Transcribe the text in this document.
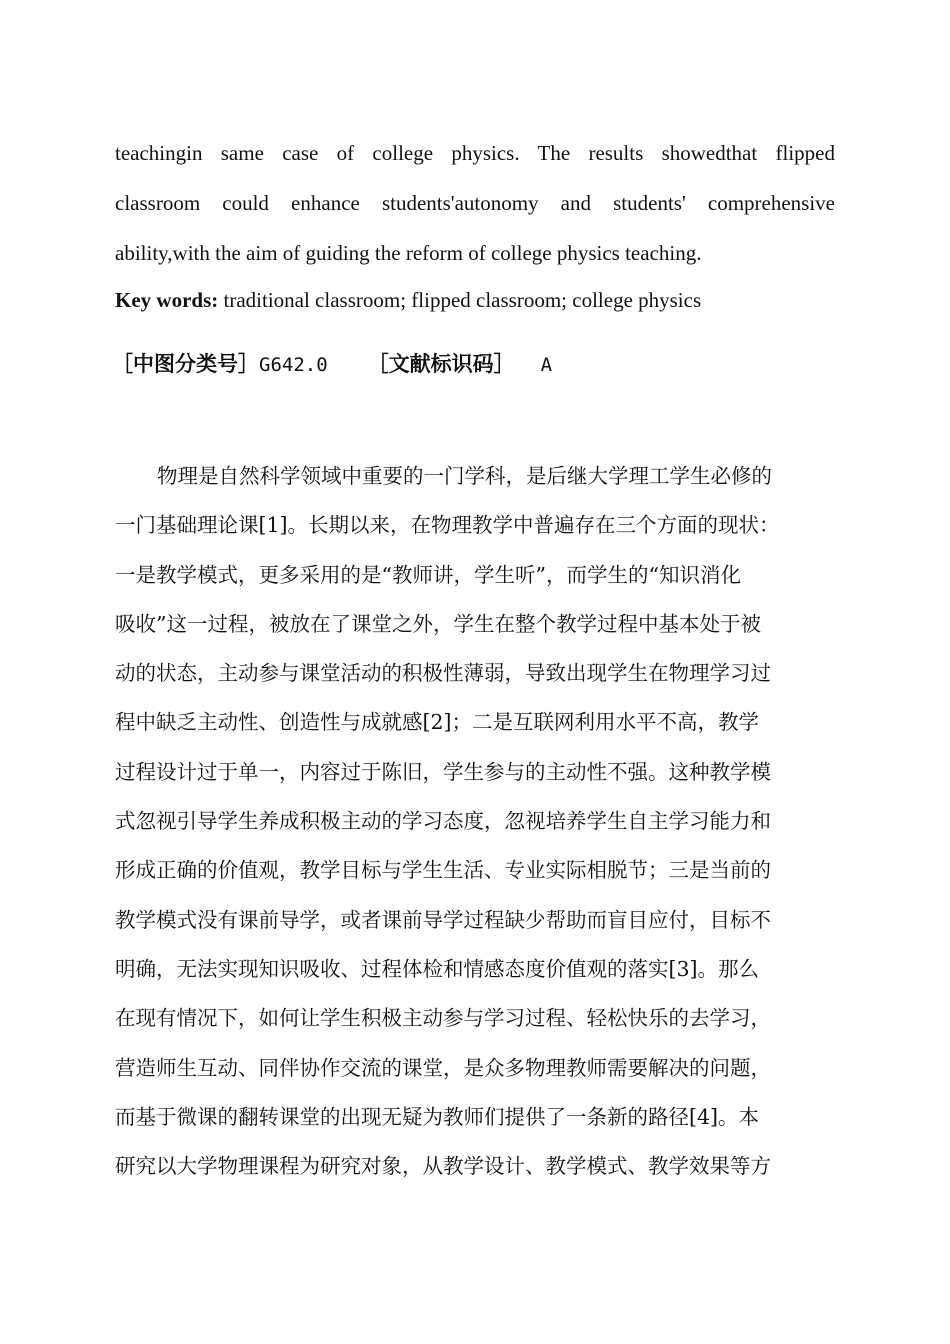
teachingin same case of college physics. The results showedthat flipped
classroom could enhance students'autonomy and students' comprehensive
ability,with the aim of guiding the reform of college physics teaching.
Key words: traditional classroom; flipped classroom; college physics
［中图分类号］G642.0 ［文献标识码］ A
物理是自然科学领域中重要的一门学科，是后继大学理工学生必修的
一门基础理论课[1]。长期以来，在物理教学中普遍存在三个方面的现状：
一是教学模式，更多采用的是“教师讲，学生听”，而学生的“知识消化
吸收”这一过程，被放在了课堂之外，学生在整个教学过程中基本处于被
动的状态，主动参与课堂活动的积极性薄弱，导致出现学生在物理学习过
程中缺乏主动性、创造性与成就感[2]；二是互联网利用水平不高，教学
过程设计过于单一，内容过于陈旧，学生参与的主动性不强。这种教学模
式忽视引导学生养成积极主动的学习态度，忽视培养学生自主学习能力和
形成正确的价值观，教学目标与学生生活、专业实际相脱节；三是当前的
教学模式没有课前导学，或者课前导学过程缺少帮助而盲目应付，目标不
明确，无法实现知识吸收、过程体检和情感态度价值观的落实[3]。那么
在现有情况下，如何让学生积极主动参与学习过程、轻松快乐的去学习，
营造师生互动、同伴协作交流的课堂，是众多物理教师需要解决的问题，
而基于微课的翻转课堂的出现无疑为教师们提供了一条新的路径[4]。本
研究以大学物理课程为研究对象，从教学设计、教学模式、教学效果等方
